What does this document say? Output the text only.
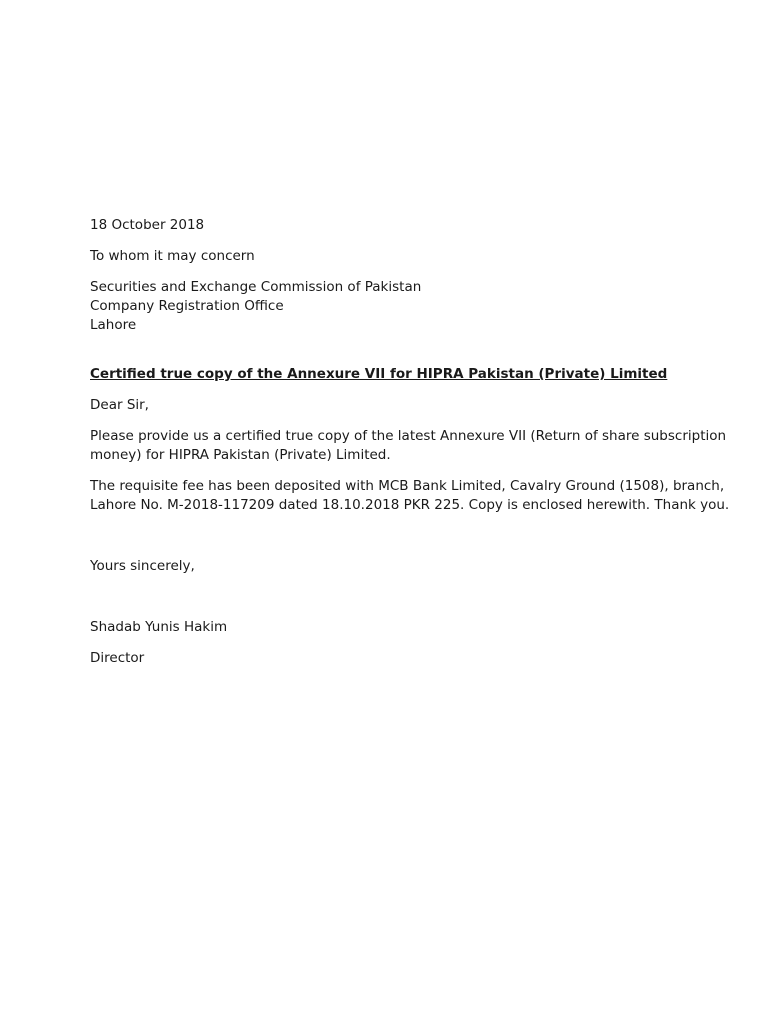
18 October 2018
To whom it may concern
Securities and Exchange Commission of Pakistan
Company Registration Office
Lahore
Certified true copy of the Annexure VII for HIPRA Pakistan (Private) Limited
Dear Sir,
Please provide us a certified true copy of the latest Annexure VII (Return of share subscription
money) for HIPRA Pakistan (Private) Limited.
The requisite fee has been deposited with MCB Bank Limited, Cavalry Ground (1508), branch,
Lahore No. M-2018-117209 dated 18.10.2018 PKR 225. Copy is enclosed herewith. Thank you.
Yours sincerely,
Shadab Yunis Hakim
Director
